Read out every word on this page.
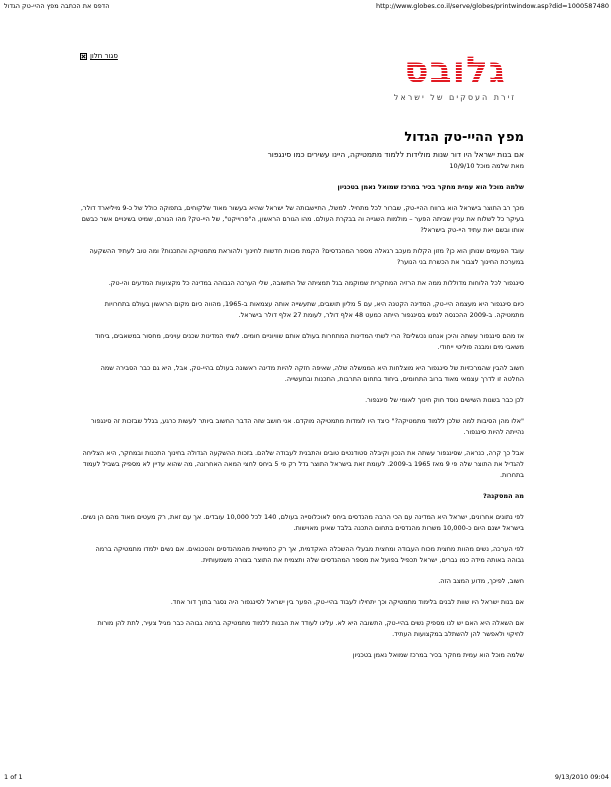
הדפס את הכתבה מפץ ההיי-טק הגדול	http://www.globes.co.il/serve/globes/printwindow.asp?did=1000587480
סגור חלון	גלובס
זירת העסקים של ישראל
מפץ ההיי-טק הגדול
אם בנות ישראל היו דור שנות מולידות ללמוד מתמטיקה, היינו עשירים כמו סינגפור
מאת שלמה מוכל 10/9/10
שלמה מוכל הוא עמית מחקר בכיר במרכז שמואל נאמן בטכניון
מכך רב התוצר בישראל הוא ברווח ההיי-טק, שברור לכל מתחיל. למשל, התיישבותה של ישראל שהיא בעשור מאוד שלקוחים, בתפוקה כולל של כ-9 מיליארד דולר, בעיקר כל לשלוח את עניין שביתה הפער – מולמות השגייה וה בבקרת העולם. מהו הגורם הראשון, ה"פרוייקט", של היי-טק? מהו הגורם, שמיט בשינויים אשר כבשם אותו ובשם יאת עתיד היי-טק בישראל?
עובד הפעמים שנותן הוא כן? מזון הקלות מעכב רגאלה מספר המהנדסים? הקמת מכוות חדשות לחינוך ולהוראת מתמטיקה והתכנות? ומה טוב לעתיד ההשקעה במערכת החינוך לצבור את הכשרת בני הנוער?
סינגפור לכל הלוחות מדוללות ממה את הרזיה המחקרית שמוקמה בגל תמציתה של התשובה, שלי הערכה הגבוהה במדינה כל מקצועות המדעים והי-טק.
כיום סינגפור היא מעצמה היי-טק, המדינה הקטנה היא, עם 5 מליון תושבים, שתעשייה אותה עצמאות ב-1965, מהווה כיום מקום הראשון בעולם בתחרויות מתמטיקה. ב-2009 ההכנסה לנפש בסינגפור הייתה כמעט 48 אלף דולר, לעומת 27 אלף דולר בישראל.
אז מהם סינגפור עשתה והיכן אנחנו נכשלים? הרי לשתי המדינות המתחרות בעולם אותם שוויוניים חומים. לשתי המדינות שכנים עוינים, מחסור במשאבים, ביחוד משאבי מים ומבנה פוליטי ייחודי.
חשוב להבין שהמרכזיות של סינגפור היא מוצלחות היא הממשלה שלה, שאיפה חזקה להיות מדינה ראשונה בעולם בהיי-טק, אבל, היא גם כבר הסבירה שמה החלטה זו לדרך עצמאי מאוד ברוב התחומים, ביחוד בתחום התרבות, התכנות ובתעשייה.
לכן כבר בשנות השישים נוסד חוק חינוך לאומי של סינגפור.
"אלו מהן הסיבות למה שלכן ללמוד מתמטיקה?" כיצד היו לומדות מתמטיקה מוקדם. אני חושב שזה הדבר החשוב ביותר לעשות כרגע, בגלל שבזכות זה סינגפור נהייתה להיות סינגפור.
אבל כך קרה, כנראה, שסינגפור עשתה את הנכון וקיבלה סטודנטים טובים והתבנית לעבודה שלהם. בזכות ההשקעה הגדולה בחינוך התכנות ובמחקר, היא הצליחה להגדיל את התוצר שלה פי 9 מאז 1965 ב-2009. לעומת זאת בישראל התוצר גדל רק פי 5 ביחס לחצי המאה האחרונה, מה שהוא עדיין לא מספיק בשביל לעמוד בתחרות.
מה המסקנה?
לפי נתונים אחרונים, ישראל היא המדינה עם הכי הרבה מהנדסים ביחס לאוכלוסייה בעולם, 140 לכל 10,000 עובדים. אך עם זאת, רק מעטים מאוד מהם הן נשים. בישראל ישנם היום כ-10,000 משרות מהנדסים בתחום התכנה בלבד שאינן מאוישות.
לפי הערכה, נשים מהוות מחצית מכוח העבודה ומחצית מבעלי ההשכלה האקדמית, אך רק כחמישית מהמהנדסים והטכנאים. אם נשים ילמדו מתמטיקה ברמה גבוהה באותה מידה כמו גברים, ישראל תכפיל בפועל את מספר המהנדסים שלה ותצמיח את התוצר בצורה משמעותית.
חשוב, לפיכך, מדוע המצב הזה.
אם בנות ישראל היו שוות לבנים בלימוד מתמטיקה וכך יתחילו לעבוד בהיי-טק, הפער בין ישראל לסינגפור היה נסגר בתוך דור אחד.
אם השאלה היא האם יש לנו מספיק נשים בהיי-טק, התשובה היא לא. עלינו לעודד את הבנות ללמוד מתמטיקה ברמה גבוהה כבר מגיל צעיר, לתת להן מורות לחיקוי ולאפשר להן להשתלב במקצועות העתיד.
שלמה מוכל הוא עמית מחקר בכיר במרכז שמואל נאמן בטכניון
1 of 1	9/13/2010 09:04
